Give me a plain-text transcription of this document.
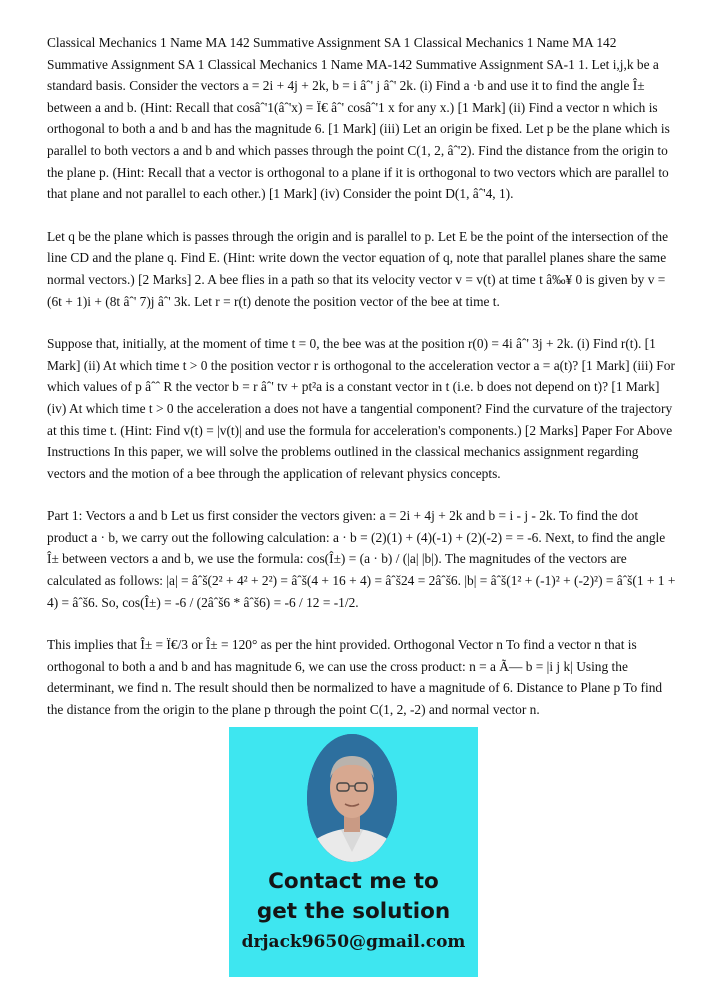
Classical Mechanics 1 Name MA 142 Summative Assignment SA 1 Classical Mechanics 1 Name MA 142 Summative Assignment SA 1 Classical Mechanics 1 Name MA-142 Summative Assignment SA-1 1. Let i,j,k be a standard basis. Consider the vectors a = 2i + 4j + 2k, b = i âˆ' j âˆ' 2k. (i) Find a ·b and use it to find the angle Î± between a and b. (Hint: Recall that cosâˆ'1(âˆ'x) = Ï€ âˆ' cosâˆ'1 x for any x.) [1 Mark] (ii) Find a vector n which is orthogonal to both a and b and has the magnitude 6. [1 Mark] (iii) Let an origin be fixed. Let p be the plane which is parallel to both vectors a and b and which passes through the point C(1, 2, âˆ'2). Find the distance from the origin to the plane p. (Hint: Recall that a vector is orthogonal to a plane if it is orthogonal to two vectors which are parallel to that plane and not parallel to each other.) [1 Mark] (iv) Consider the point D(1, âˆ'4, 1).

Let q be the plane which is passes through the origin and is parallel to p. Let E be the point of the intersection of the line CD and the plane q. Find E. (Hint: write down the vector equation of q, note that parallel planes share the same normal vectors.) [2 Marks] 2. A bee flies in a path so that its velocity vector v = v(t) at time t â‰¥ 0 is given by v = (6t + 1)i + (8t âˆ' 7)j âˆ' 3k. Let r = r(t) denote the position vector of the bee at time t.

Suppose that, initially, at the moment of time t = 0, the bee was at the position r(0) = 4i âˆ' 3j + 2k. (i) Find r(t). [1 Mark] (ii) At which time t > 0 the position vector r is orthogonal to the acceleration vector a = a(t)? [1 Mark] (iii) For which values of p âˆˆ R the vector b = r âˆ' tv + pt²a is a constant vector in t (i.e. b does not depend on t)? [1 Mark] (iv) At which time t > 0 the acceleration a does not have a tangential component? Find the curvature of the trajectory at this time t. (Hint: Find v(t) = |v(t)| and use the formula for acceleration's components.) [2 Marks] Paper For Above Instructions In this paper, we will solve the problems outlined in the classical mechanics assignment regarding vectors and the motion of a bee through the application of relevant physics concepts.

Part 1: Vectors a and b Let us first consider the vectors given: a = 2i + 4j + 2k and b = i - j - 2k. To find the dot product a · b, we carry out the following calculation: a · b = (2)(1) + (4)(-1) + (2)(-2) = = -6. Next, to find the angle Î± between vectors a and b, we use the formula: cos(Î±) = (a · b) / (|a| |b|). The magnitudes of the vectors are calculated as follows: |a| = âˆš(2² + 4² + 2²) = âˆš(4 + 16 + 4) = âˆš24 = 2âˆš6. |b| = âˆš(1² + (-1)² + (-2)²) = âˆš(1 + 1 + 4) = âˆš6. So, cos(Î±) = -6 / (2âˆš6 * âˆš6) = -6 / 12 = -1/2.

This implies that Î± = Ï€/3 or Î± = 120° as per the hint provided. Orthogonal Vector n To find a vector n that is orthogonal to both a and b and has magnitude 6, we can use the cross product: n = a Ã— b = |i j k| Using the determinant, we find n. The result should then be normalized to have a magnitude of 6. Distance to Plane p To find the distance from the origin to the plane p through the point C(1, 2, -2) and normal vector n.

Contact me to
get the solution
drjack9650@gmail.com
